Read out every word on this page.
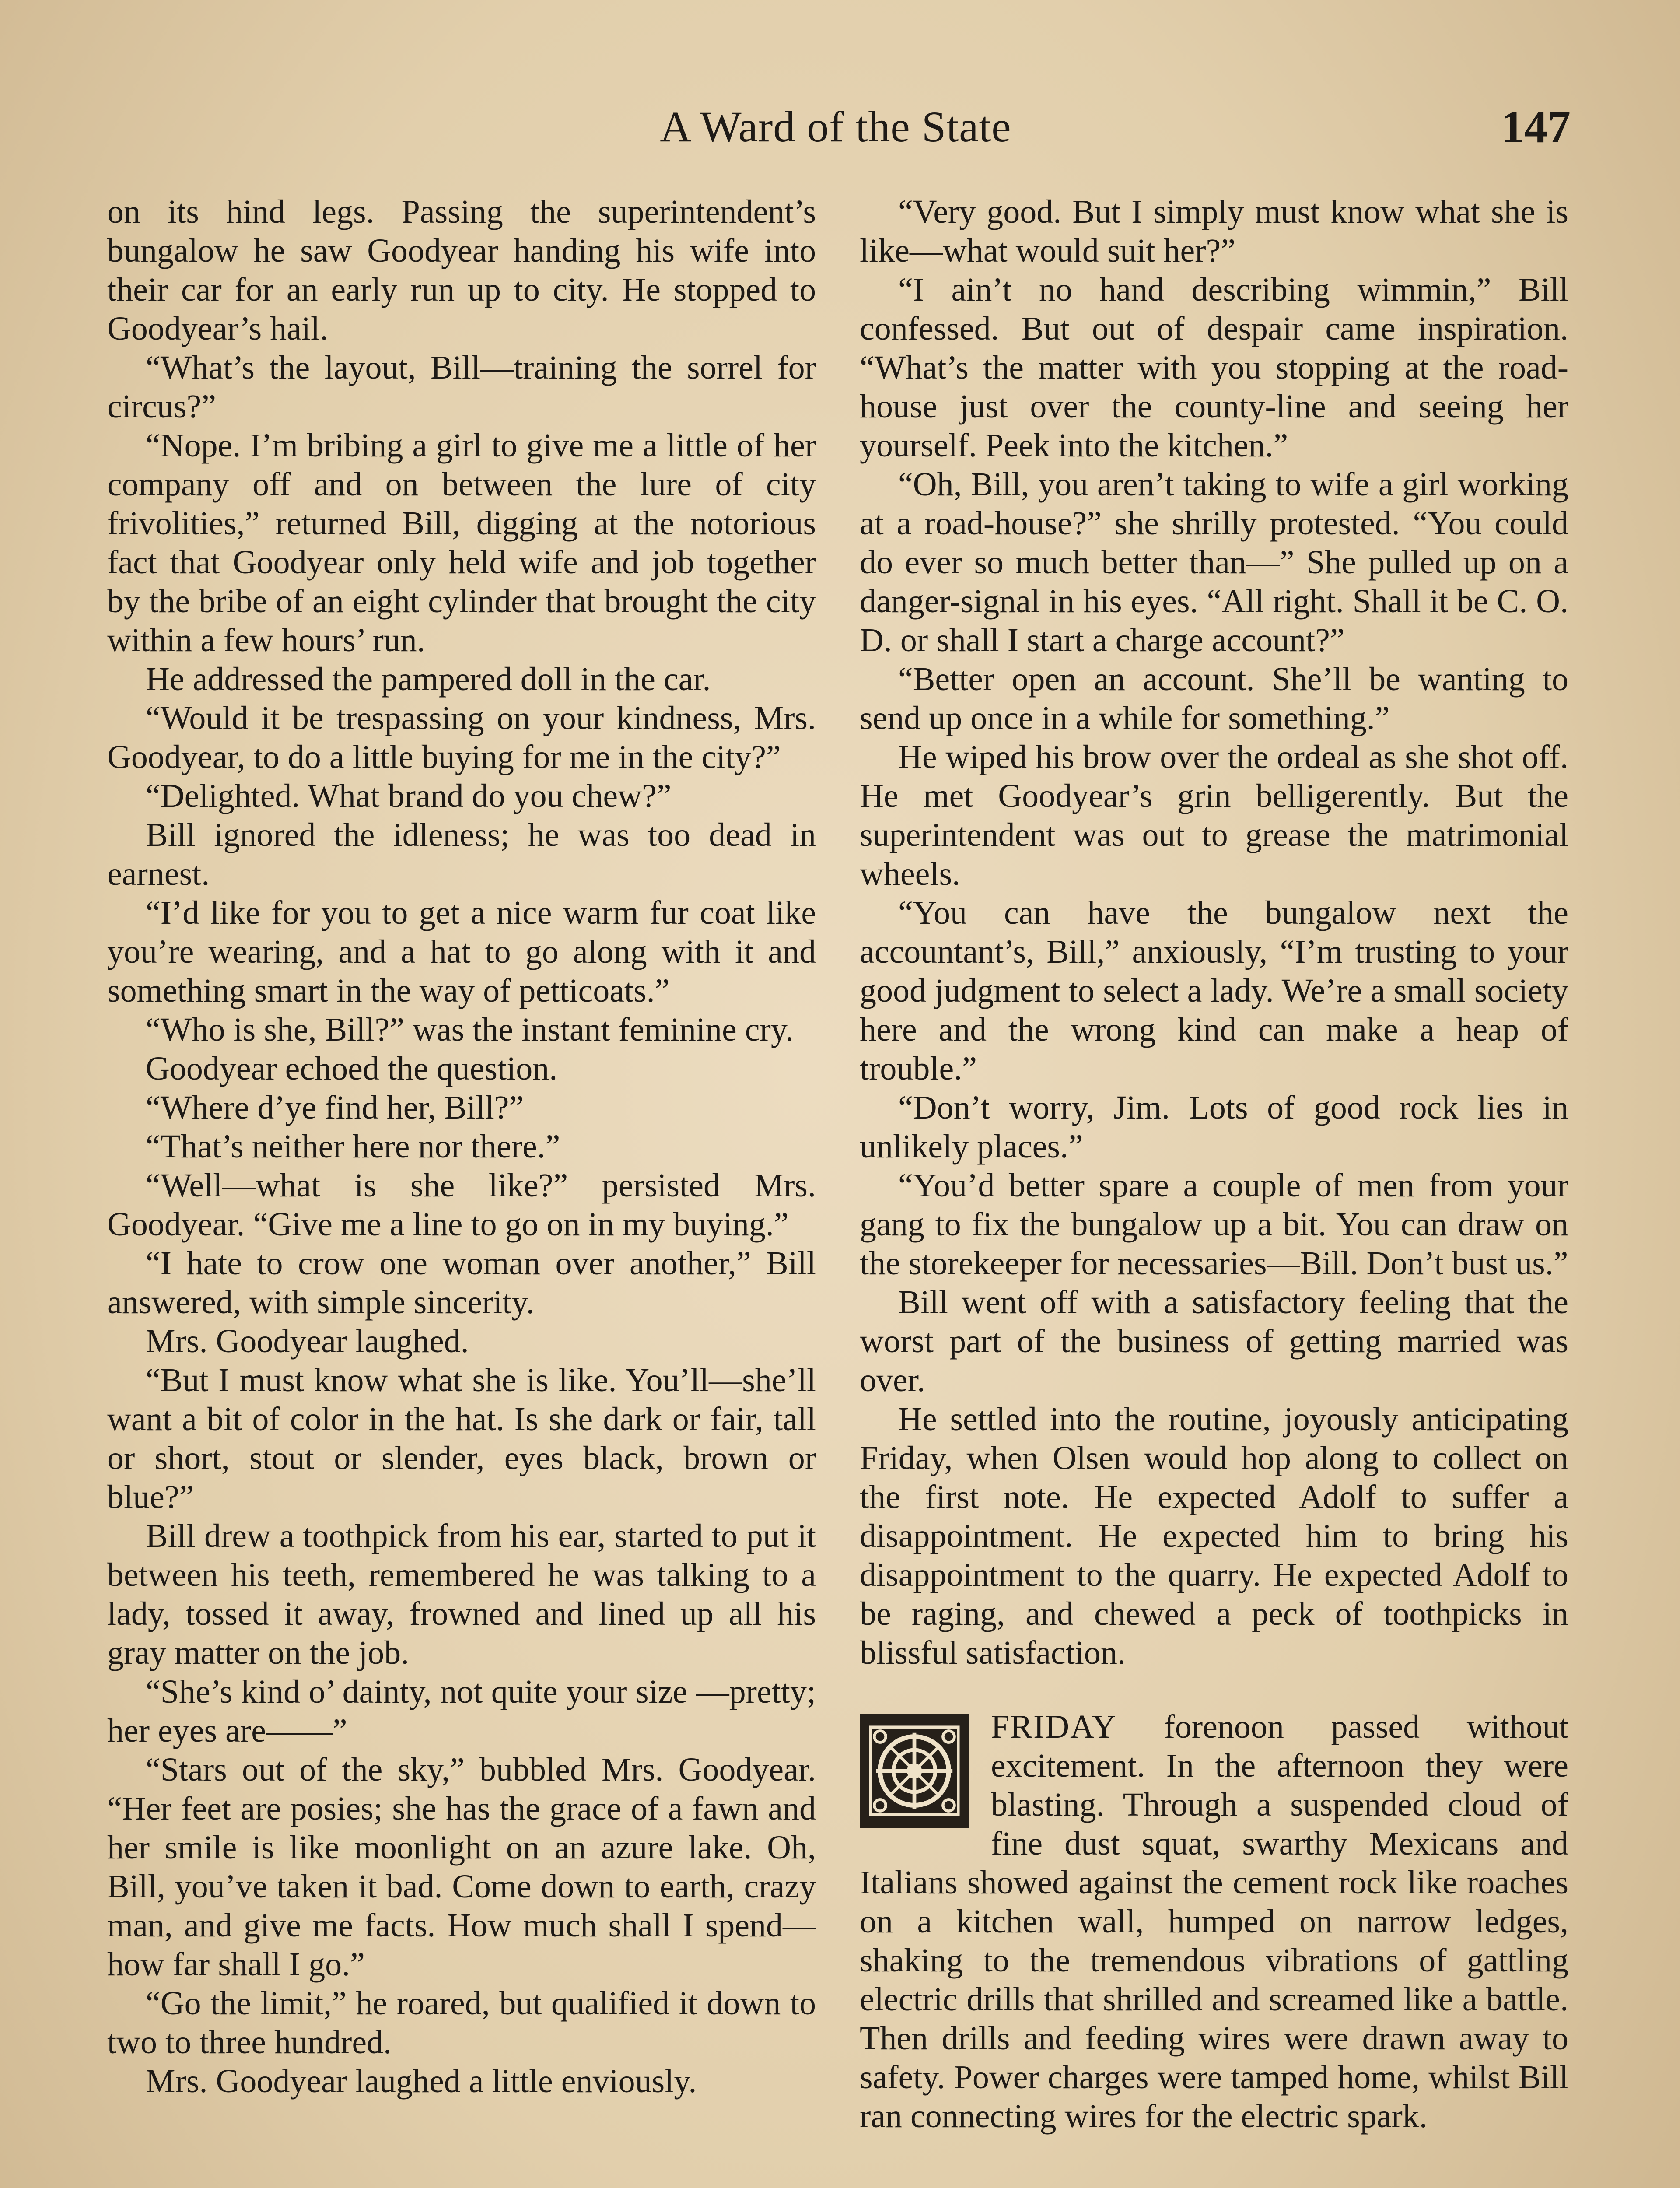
A Ward of the State	147

on its hind legs. Passing the superintendent’s bungalow he saw Goodyear handing his wife into their car for an early run up to city. He stopped to Goodyear’s hail.

“What’s the layout, Bill—training the sorrel for circus?”

“Nope. I’m bribing a girl to give me a little of her company off and on between the lure of city frivolities,” returned Bill, digging at the notorious fact that Goodyear only held wife and job together by the bribe of an eight cylinder that brought the city within a few hours’ run.

He addressed the pampered doll in the car.

“Would it be trespassing on your kindness, Mrs. Goodyear, to do a little buying for me in the city?”

“Delighted. What brand do you chew?”

Bill ignored the idleness; he was too dead in earnest.

“I’d like for you to get a nice warm fur coat like you’re wearing, and a hat to go along with it and something smart in the way of petticoats.”

“Who is she, Bill?” was the instant feminine cry.

Goodyear echoed the question.

“Where d’ye find her, Bill?”

“That’s neither here nor there.”

“Well—what is she like?” persisted Mrs. Goodyear. “Give me a line to go on in my buying.”

“I hate to crow one woman over another,” Bill answered, with simple sincerity.

Mrs. Goodyear laughed.

“But I must know what she is like. You’ll—she’ll want a bit of color in the hat. Is she dark or fair, tall or short, stout or slender, eyes black, brown or blue?”

Bill drew a toothpick from his ear, started to put it between his teeth, remembered he was talking to a lady, tossed it away, frowned and lined up all his gray matter on the job.

“She’s kind o’ dainty, not quite your size —pretty; her eyes are——”

“Stars out of the sky,” bubbled Mrs. Goodyear. “Her feet are posies; she has the grace of a fawn and her smile is like moonlight on an azure lake. Oh, Bill, you’ve taken it bad. Come down to earth, crazy man, and give me facts. How much shall I spend—how far shall I go.”

“Go the limit,” he roared, but qualified it down to two to three hundred.

Mrs. Goodyear laughed a little enviously.

“Very good. But I simply must know what she is like—what would suit her?”

“I ain’t no hand describing wimmin,” Bill confessed. But out of despair came inspiration. “What’s the matter with you stopping at the road-house just over the county-line and seeing her yourself. Peek into the kitchen.”

“Oh, Bill, you aren’t taking to wife a girl working at a road-house?” she shrilly protested. “You could do ever so much better than—” She pulled up on a danger-signal in his eyes. “All right. Shall it be C. O. D. or shall I start a charge account?”

“Better open an account. She’ll be wanting to send up once in a while for something.”

He wiped his brow over the ordeal as she shot off. He met Goodyear’s grin belligerently. But the superintendent was out to grease the matrimonial wheels.

“You can have the bungalow next the accountant’s, Bill,” anxiously, “I’m trusting to your good judgment to select a lady. We’re a small society here and the wrong kind can make a heap of trouble.”

“Don’t worry, Jim. Lots of good rock lies in unlikely places.”

“You’d better spare a couple of men from your gang to fix the bungalow up a bit. You can draw on the storekeeper for necessaries—Bill. Don’t bust us.”

Bill went off with a satisfactory feeling that the worst part of the business of getting married was over.

He settled into the routine, joyously anticipating Friday, when Olsen would hop along to collect on the first note. He expected Adolf to suffer a disappointment. He expected him to bring his disappointment to the quarry. He expected Adolf to be raging, and chewed a peck of toothpicks in blissful satisfaction.

FRIDAY forenoon passed without excitement. In the afternoon they were blasting. Through a suspended cloud of fine dust squat, swarthy Mexicans and Italians showed against the cement rock like roaches on a kitchen wall, humped on narrow ledges, shaking to the tremendous vibrations of gattling electric drills that shrilled and screamed like a battle. Then drills and feeding wires were drawn away to safety. Power charges were tamped home, whilst Bill ran connecting wires for the electric spark.
